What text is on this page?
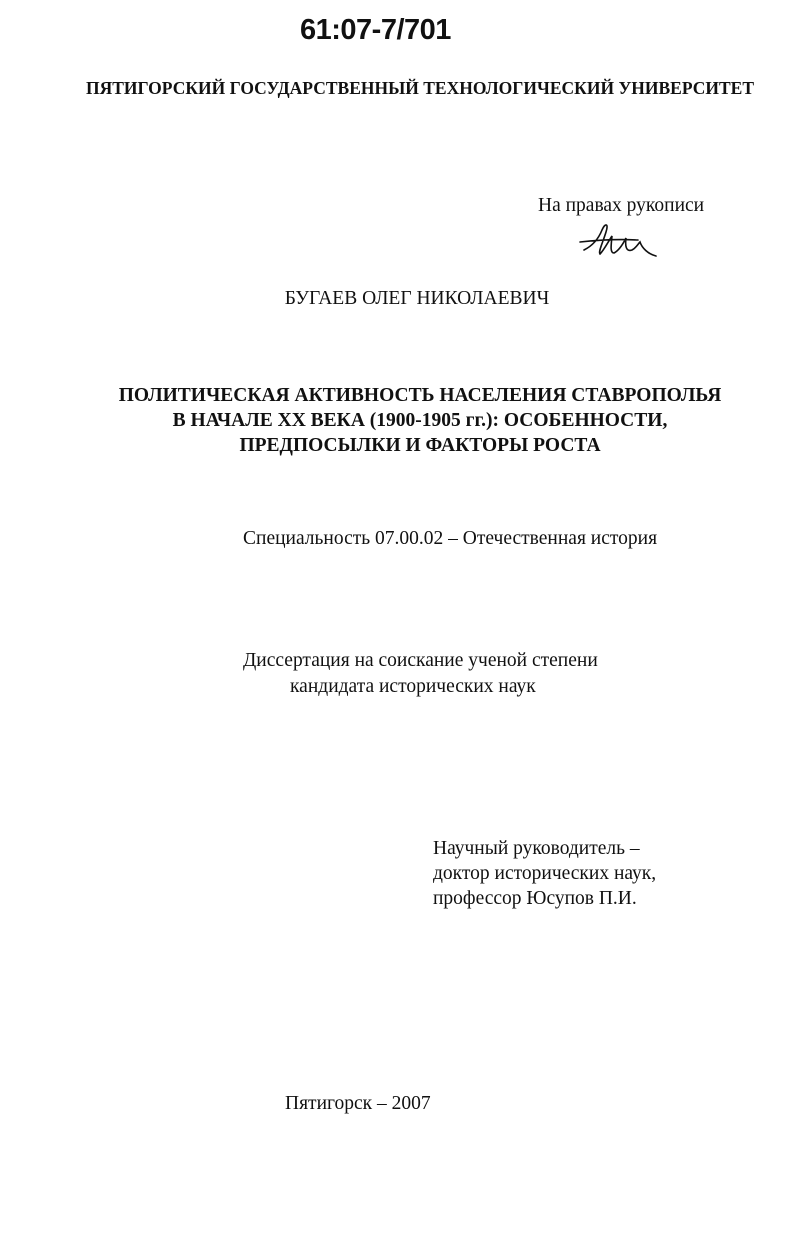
61:07-7/701
ПЯТИГОРСКИЙ ГОСУДАРСТВЕННЫЙ ТЕХНОЛОГИЧЕСКИЙ УНИВЕРСИТЕТ
На правах рукописи
БУГАЕВ ОЛЕГ НИКОЛАЕВИЧ
ПОЛИТИЧЕСКАЯ АКТИВНОСТЬ НАСЕЛЕНИЯ СТАВРОПОЛЬЯ
В НАЧАЛЕ XX ВЕКА (1900-1905 гг.): ОСОБЕННОСТИ,
ПРЕДПОСЫЛКИ И ФАКТОРЫ РОСТА
Специальность 07.00.02 – Отечественная история
Диссертация на соискание ученой степени
кандидата исторических наук
Научный руководитель –
доктор исторических наук,
профессор Юсупов П.И.
Пятигорск – 2007
